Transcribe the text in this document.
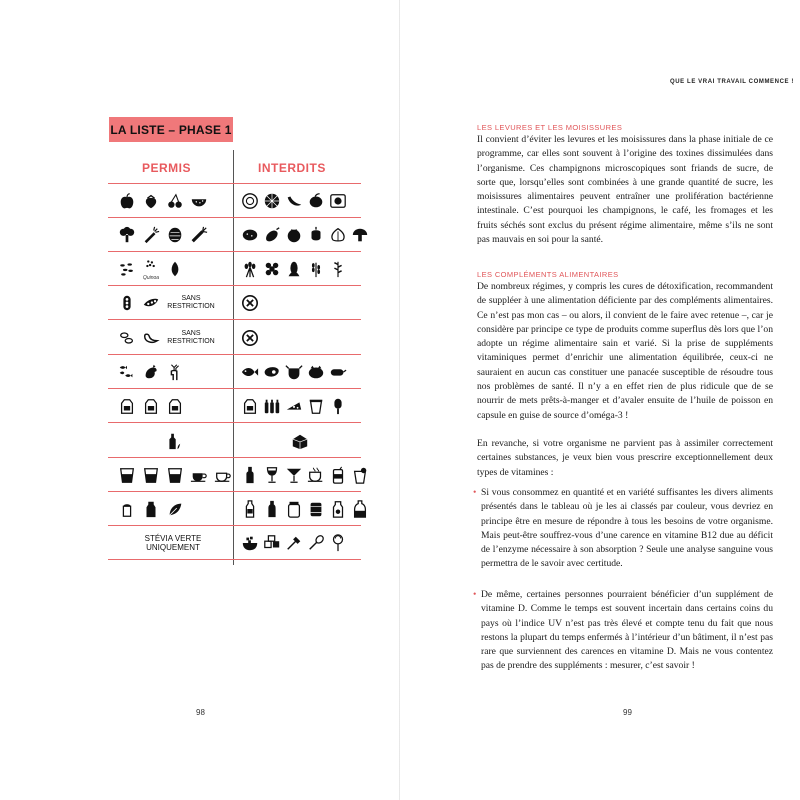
LA LISTE – PHASE 1
PERMIS	INTERDITS
Quinoa
SANS RESTRICTION
SANS RESTRICTION
STÉVIA VERTE UNIQUEMENT
98
QUE LE VRAI TRAVAIL COMMENCE !
LES LEVURES ET LES MOISISSURES
Il convient d’éviter les levures et les moisissures dans la phase initiale de ce programme, car elles sont souvent à l’origine des toxines dissimulées dans l’organisme. Ces champignons microscopiques sont friands de sucre, de sorte que, lorsqu’elles sont combinées à une grande quantité de sucre, les moisissures alimentaires peuvent entraîner une prolifération bactérienne intestinale. C’est pourquoi les champignons, le café, les fromages et les fruits séchés sont exclus du présent régime alimentaire, même s’ils ne sont pas mauvais en soi pour la santé.
LES COMPLÉMENTS ALIMENTAIRES
De nombreux régimes, y compris les cures de détoxification, recommandent de suppléer à une alimentation déficiente par des compléments alimentaires. Ce n’est pas mon cas – ou alors, il convient de le faire avec retenue –, car je considère par principe ce type de produits comme superflus dès lors que l’on adopte un régime alimentaire sain et varié. Si la prise de suppléments vitaminiques permet d’enrichir une alimentation équilibrée, ceux-ci ne sauraient en aucun cas constituer une panacée susceptible de résoudre tous nos problèmes de santé. Il n’y a en effet rien de plus ridicule que de se nourrir de mets prêts-à-manger et d’avaler ensuite de l’huile de poisson en capsule en guise de source d’oméga-3 !
En revanche, si votre organisme ne parvient pas à assimiler correctement certaines substances, je veux bien vous prescrire exceptionnellement deux types de vitamines :
• Si vous consommez en quantité et en variété suffisantes les divers aliments présentés dans le tableau où je les ai classés par couleur, vous devriez en principe être en mesure de répondre à tous les besoins de votre organisme. Mais peut-être souffrez-vous d’une carence en vitamine B12 due au déficit de l’enzyme nécessaire à son absorption ? Seule une analyse sanguine vous permettra de le savoir avec certitude.
• De même, certaines personnes pourraient bénéficier d’un supplément de vitamine D. Comme le temps est souvent incertain dans certains coins du pays où l’indice UV n’est pas très élevé et compte tenu du fait que nous restons la plupart du temps enfermés à l’intérieur d’un bâtiment, il n’est pas rare que surviennent des carences en vitamine D. Mais ne vous contentez pas de prendre des suppléments : mesurer, c’est savoir !
99
